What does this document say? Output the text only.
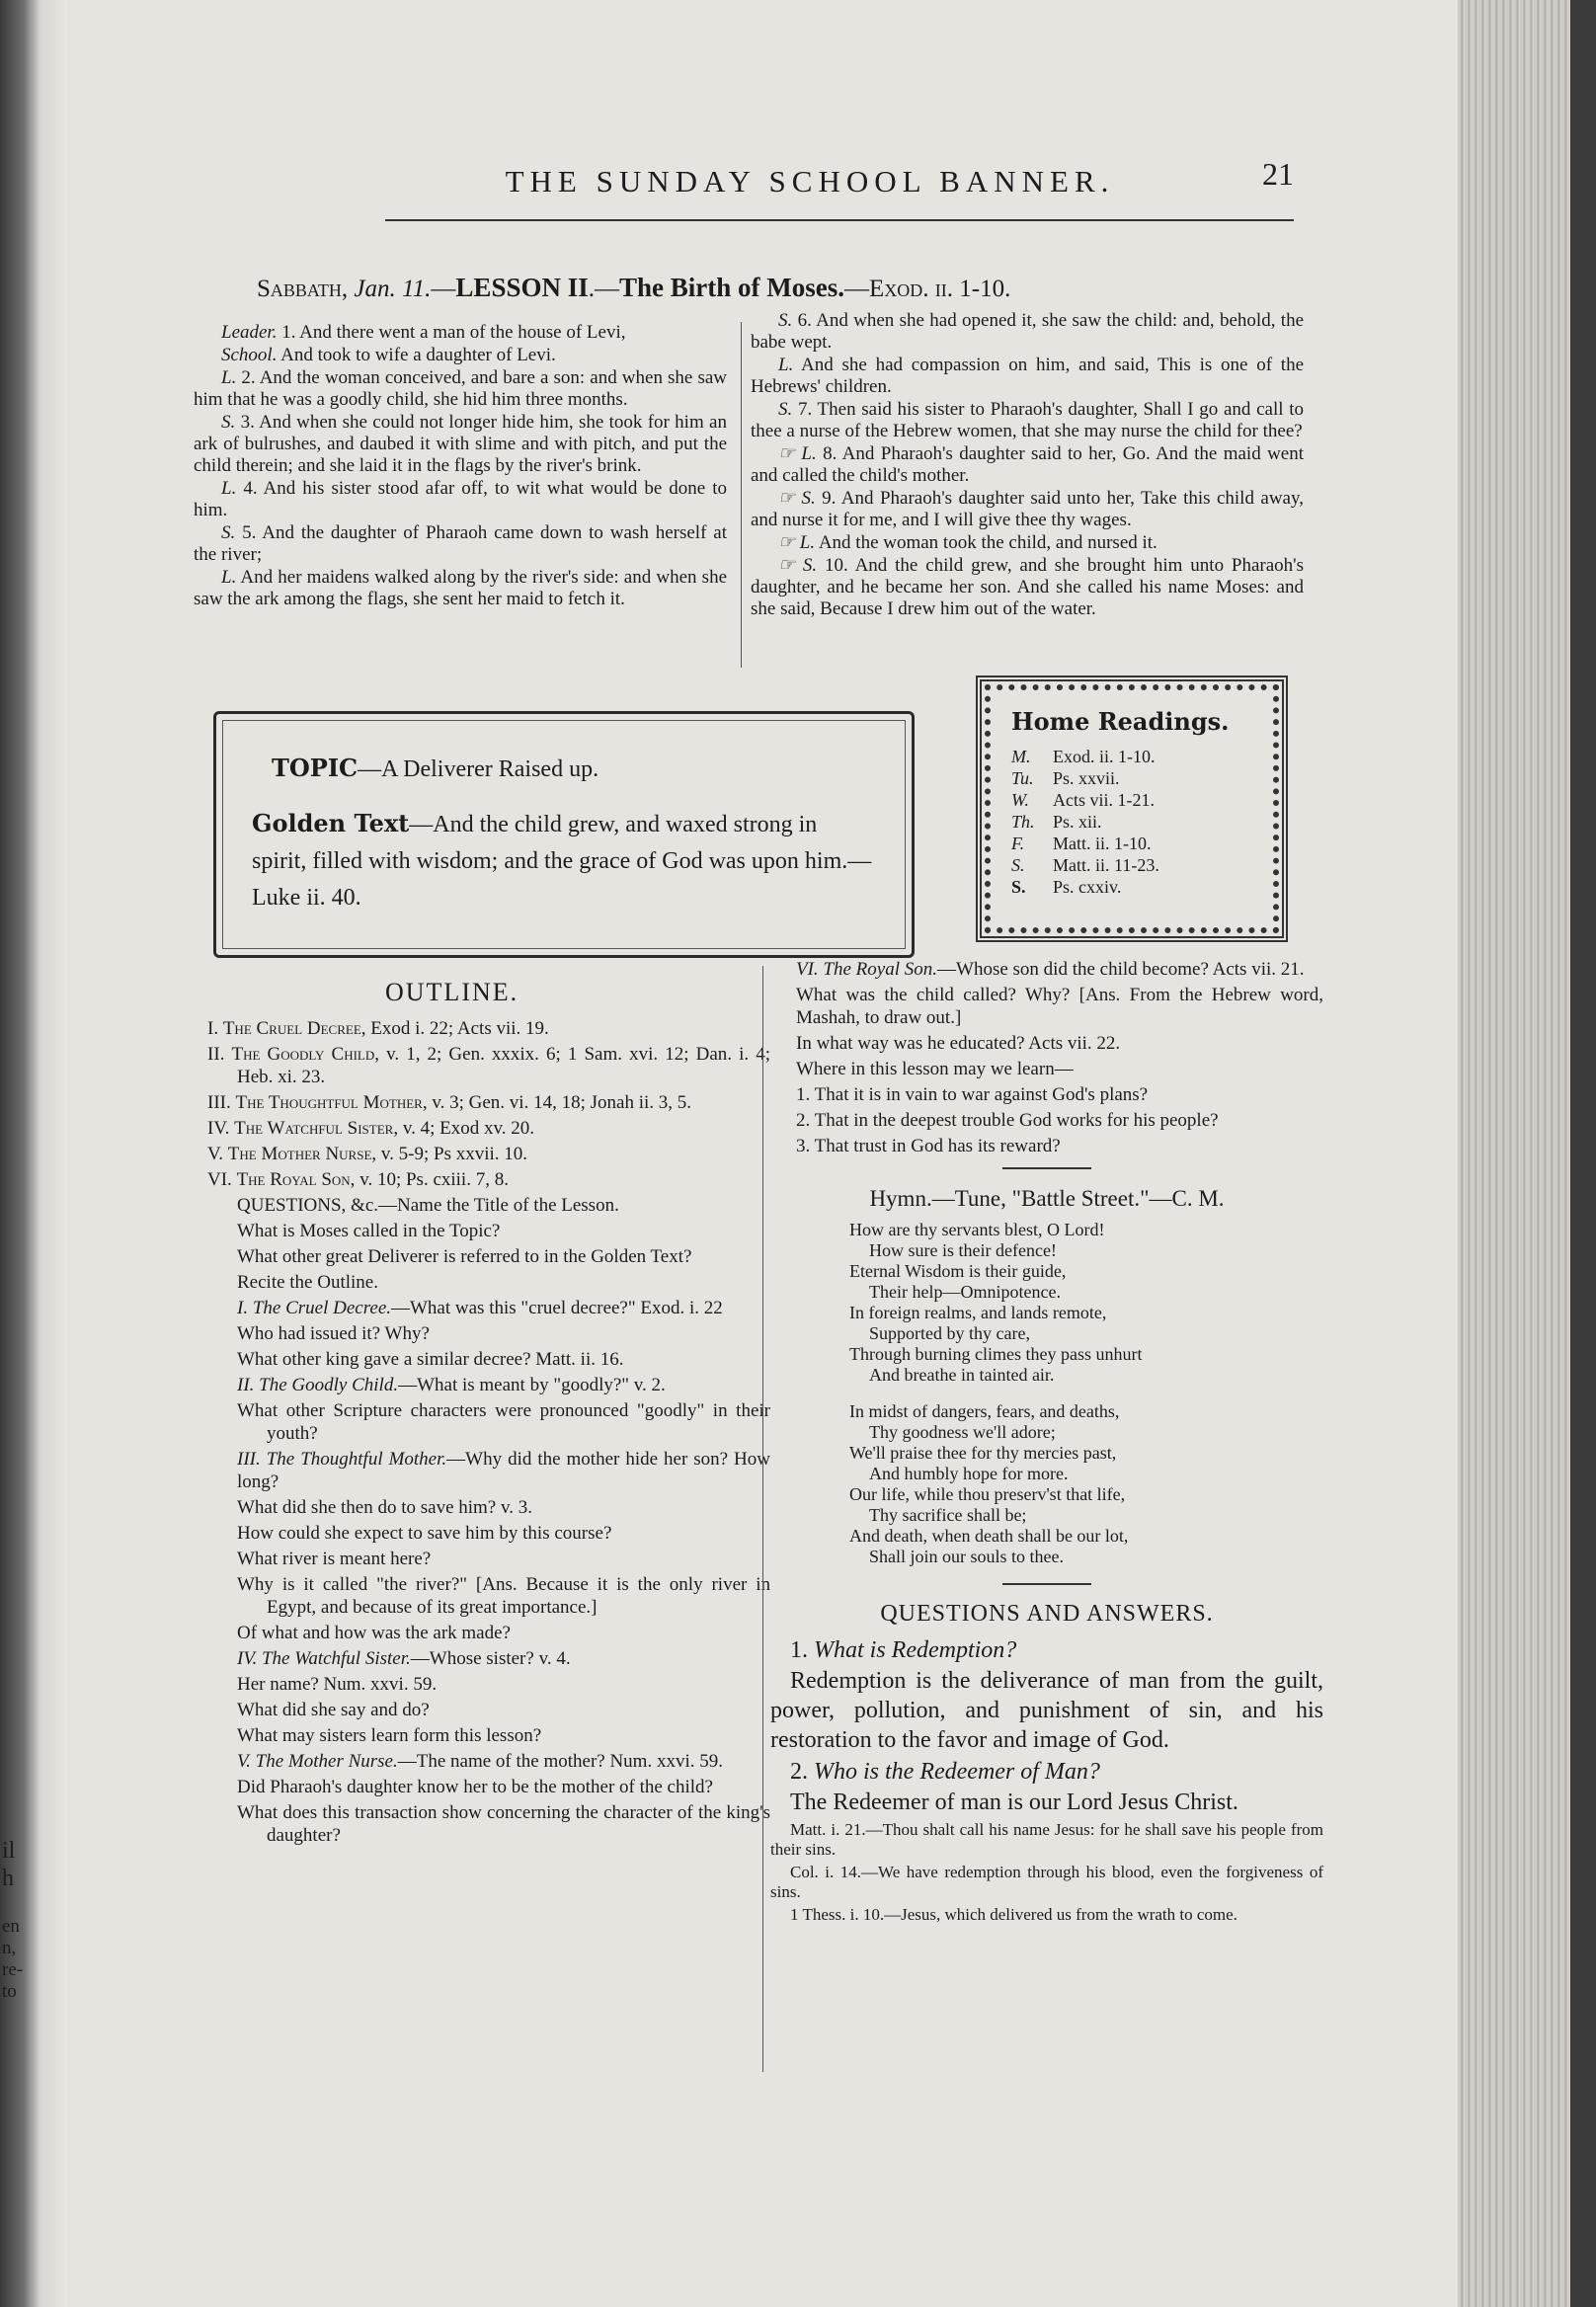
il
h
en
n,
re-
to
THE SUNDAY SCHOOL BANNER.	21
Sabbath, Jan. 11.—LESSON II.—The Birth of Moses.—Exod. ii. 1-10.

Leader. 1. And there went a man of the house of Levi,

School. And took to wife a daughter of Levi.

L. 2. And the woman conceived, and bare a son: and when she saw him that he was a goodly child, she hid him three months.

S. 3. And when she could not longer hide him, she took for him an ark of bulrushes, and daubed it with slime and with pitch, and put the child therein; and she laid it in the flags by the river's brink.

L. 4. And his sister stood afar off, to wit what would be done to him.

S. 5. And the daughter of Pharaoh came down to wash herself at the river;

L. And her maidens walked along by the river's side: and when she saw the ark among the flags, she sent her maid to fetch it.

S. 6. And when she had opened it, she saw the child: and, behold, the babe wept.

L. And she had compassion on him, and said, This is one of the Hebrews' children.

S. 7. Then said his sister to Pharaoh's daughter, Shall I go and call to thee a nurse of the Hebrew women, that she may nurse the child for thee?

☞ L. 8. And Pharaoh's daughter said to her, Go. And the maid went and called the child's mother.

☞ S. 9. And Pharaoh's daughter said unto her, Take this child away, and nurse it for me, and I will give thee thy wages.

☞ L. And the woman took the child, and nursed it.

☞ S. 10. And the child grew, and she brought him unto Pharaoh's daughter, and he became her son. And she called his name Moses: and she said, Because I drew him out of the water.

TOPIC—A Deliverer Raised up.
Golden Text—And the child grew, and waxed strong in spirit, filled with wisdom; and the grace of God was upon him.—Luke ii. 40.
Home Readings.
M. Exod. ii. 1-10.
Tu. Ps. xxvii.
W. Acts vii. 1-21.
Th. Ps. xii.
F. Matt. ii. 1-10.
S. Matt. ii. 11-23.
S. Ps. cxxiv.
OUTLINE.

I. The Cruel Decree, Exod i. 22; Acts vii. 19.

II. The Goodly Child, v. 1, 2; Gen. xxxix. 6; 1 Sam. xvi. 12; Dan. i. 4; Heb. xi. 23.

III. The Thoughtful Mother, v. 3; Gen. vi. 14, 18; Jonah ii. 3, 5.

IV. The Watchful Sister, v. 4; Exod xv. 20.

V. The Mother Nurse, v. 5-9; Ps xxvii. 10.

VI. The Royal Son, v. 10; Ps. cxiii. 7, 8.

QUESTIONS, &c.—Name the Title of the Lesson.

What is Moses called in the Topic?

What other great Deliverer is referred to in the Golden Text?

Recite the Outline.

I. The Cruel Decree.—What was this "cruel decree?" Exod. i. 22

Who had issued it? Why?

What other king gave a similar decree? Matt. ii. 16.

II. The Goodly Child.—What is meant by "goodly?" v. 2.

What other Scripture characters were pronounced "goodly" in their youth?

III. The Thoughtful Mother.—Why did the mother hide her son? How long?

What did she then do to save him? v. 3.

How could she expect to save him by this course?

What river is meant here?

Why is it called "the river?" [Ans. Because it is the only river in Egypt, and because of its great importance.]

Of what and how was the ark made?

IV. The Watchful Sister.—Whose sister? v. 4.

Her name? Num. xxvi. 59.

What did she say and do?

What may sisters learn form this lesson?

V. The Mother Nurse.—The name of the mother? Num. xxvi. 59.

Did Pharaoh's daughter know her to be the mother of the child?

What does this transaction show concerning the character of the king's daughter?

VI. The Royal Son.—Whose son did the child become? Acts vii. 21.

What was the child called? Why? [Ans. From the Hebrew word, Mashah, to draw out.]

In what way was he educated? Acts vii. 22.

Where in this lesson may we learn—

1. That it is in vain to war against God's plans?

2. That in the deepest trouble God works for his people?

3. That trust in God has its reward?

Hymn.—Tune, "Battle Street."—C. M.
How are thy servants blest, O Lord!
How sure is their defence!
Eternal Wisdom is their guide,
Their help—Omnipotence.
In foreign realms, and lands remote,
Supported by thy care,
Through burning climes they pass unhurt
And breathe in tainted air.
In midst of dangers, fears, and deaths,
Thy goodness we'll adore;
We'll praise thee for thy mercies past,
And humbly hope for more.
Our life, while thou preserv'st that life,
Thy sacrifice shall be;
And death, when death shall be our lot,
Shall join our souls to thee.
QUESTIONS AND ANSWERS.
1. What is Redemption?

Redemption is the deliverance of man from the guilt, power, pollution, and punishment of sin, and his restoration to the favor and image of God.

2. Who is the Redeemer of Man?

The Redeemer of man is our Lord Jesus Christ.

Matt. i. 21.—Thou shalt call his name Jesus: for he shall save his people from their sins.

Col. i. 14.—We have redemption through his blood, even the forgiveness of sins.

1 Thess. i. 10.—Jesus, which delivered us from the wrath to come.
